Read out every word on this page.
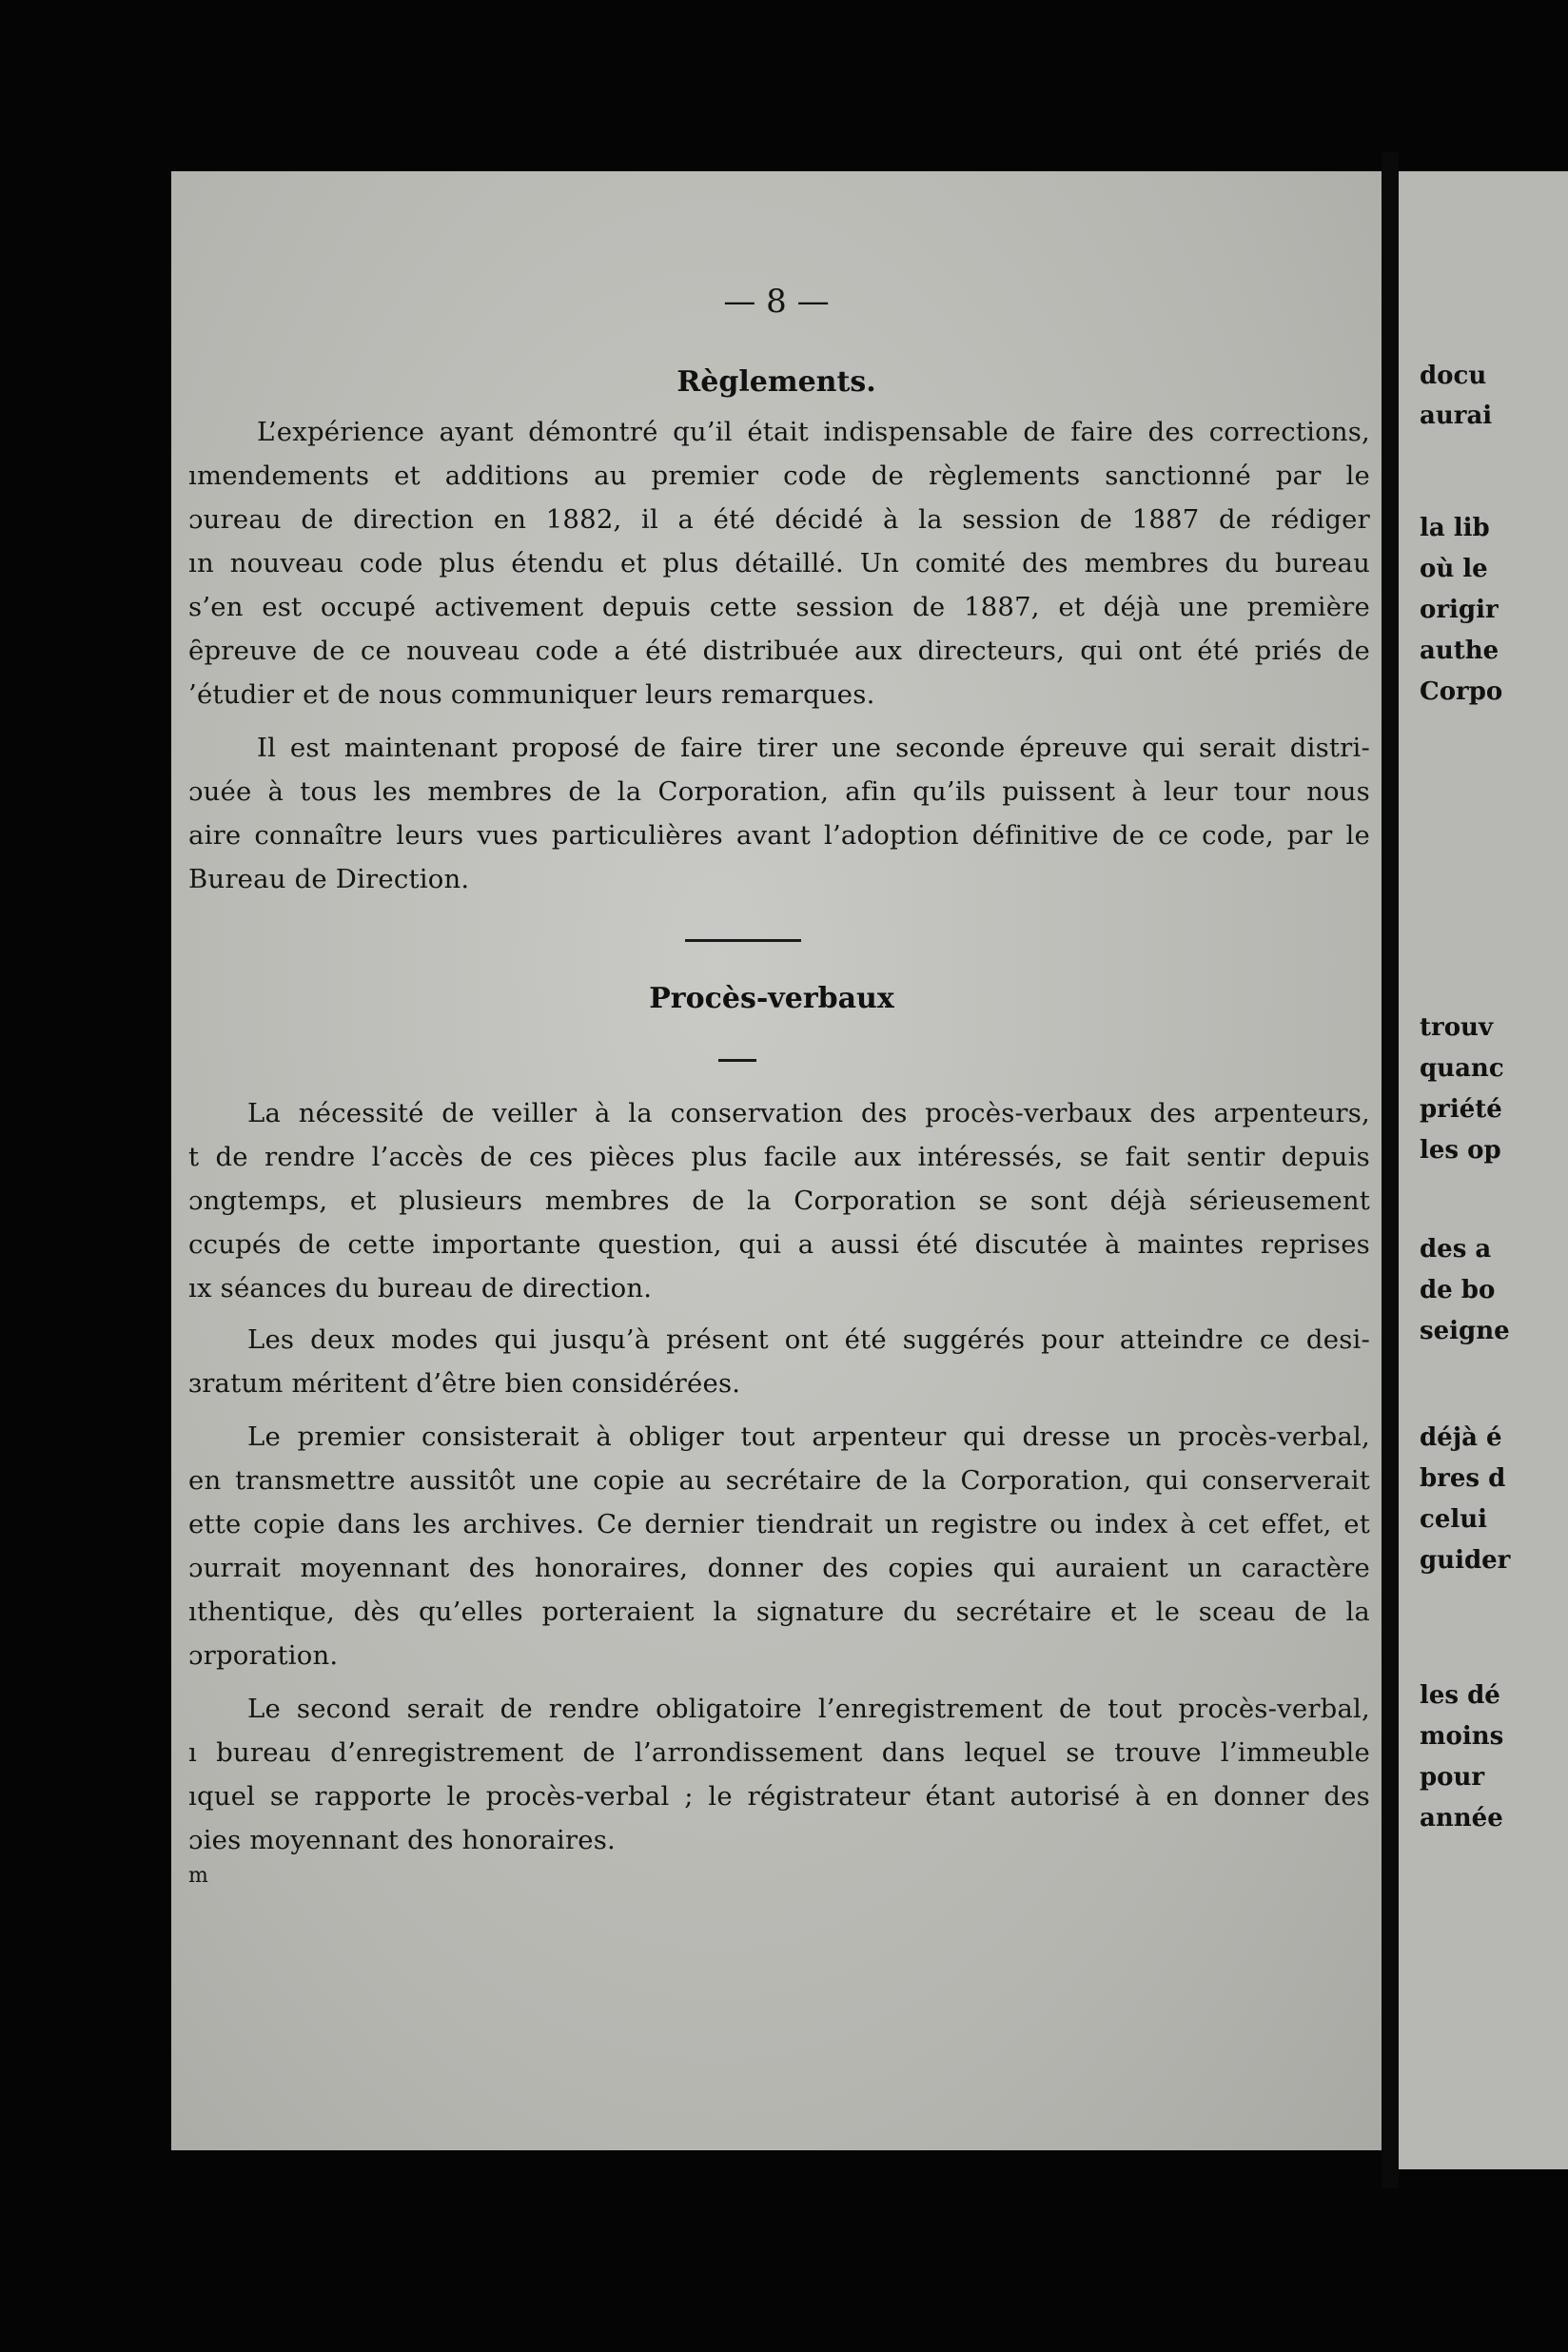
— 8 —
Règlements.
L’expérience ayant démontré qu’il était indispensable de faire des corrections,
ımendements et additions au premier code de règlements sanctionné par le
ɔureau de direction en 1882, il a été décidé à la session de 1887 de rédiger
ın nouveau code plus étendu et plus détaillé. Un comité des membres du bureau
s’en est occupé activement depuis cette session de 1887, et déjà une première
ȇpreuve de ce nouveau code a été distribuée aux directeurs, qui ont été priés de
’étudier et de nous communiquer leurs remarques.
Il est maintenant proposé de faire tirer une seconde épreuve qui serait distri-
ɔuée à tous les membres de la Corporation, afin qu’ils puissent à leur tour nous
aire connaître leurs vues particulières avant l’adoption définitive de ce code, par le
Bureau de Direction.
Procès-verbaux
La nécessité de veiller à la conservation des procès-verbaux des arpenteurs,
t de rendre l’accès de ces pièces plus facile aux intéressés, se fait sentir depuis
ɔngtemps, et plusieurs membres de la Corporation se sont déjà sérieusement
ccupés de cette importante question, qui a aussi été discutée à maintes reprises
ıx séances du bureau de direction.
Les deux modes qui jusqu’à présent ont été suggérés pour atteindre ce desi-
ɜratum méritent d’être bien considérées.
Le premier consisterait à obliger tout arpenteur qui dresse un procès-verbal,
en transmettre aussitôt une copie au secrétaire de la Corporation, qui conserverait
ette copie dans les archives. Ce dernier tiendrait un registre ou index à cet effet, et
ɔurrait moyennant des honoraires, donner des copies qui auraient un caractère
ıthentique, dès qu’elles porteraient la signature du secrétaire et le sceau de la
ɔrporation.
Le second serait de rendre obligatoire l’enregistrement de tout procès-verbal,
ı bureau d’enregistrement de l’arrondissement dans lequel se trouve l’immeuble
ıquel se rapporte le procès-verbal ; le régistrateur étant autorisé à en donner des
ɔies moyennant des honoraires.
m
docu
aurai
la lib
où le
origir
authe
Corpo
trouv
quanc
priété
les op
des a
de bo
seigne
déjà é
bres d
celui
guider
les dé
moins
pour
année
